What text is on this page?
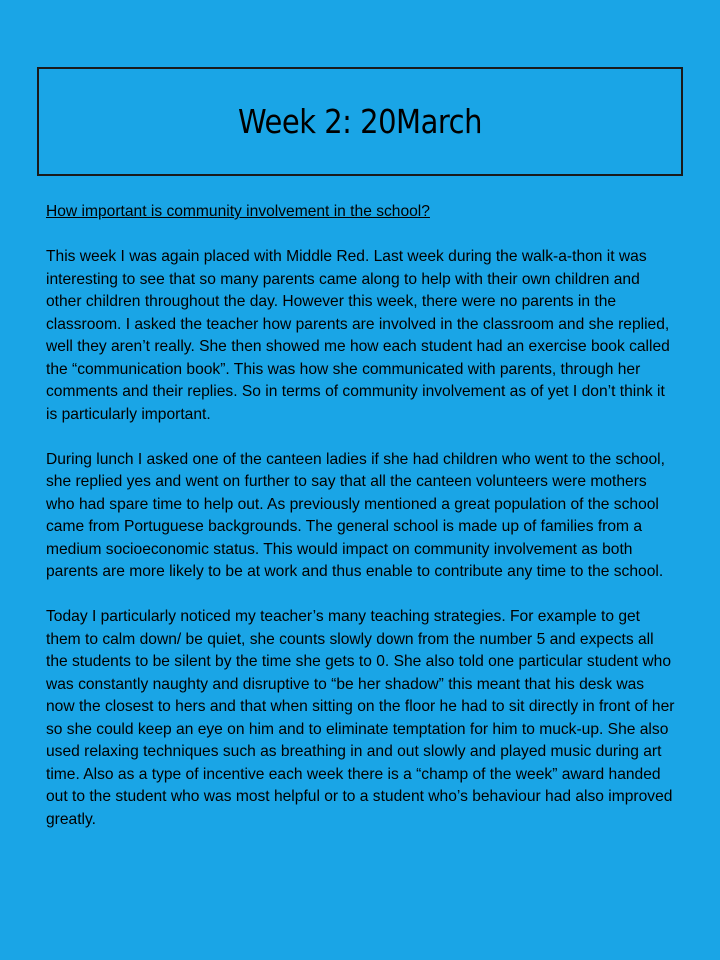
Week 2: 20March

How important is community involvement in the school?

This week I was again placed with Middle Red. Last week during the walk-a-thon it was interesting to see that so many parents came along to help with their own children and other children throughout the day. However this week, there were no parents in the classroom. I asked the teacher how parents are involved in the classroom and she replied, well they aren’t really. She then showed me how each student had an exercise book called the “communication book”. This was how she communicated with parents, through her comments and their replies. So in terms of community involvement as of yet I don’t think it is particularly important.

During lunch I asked one of the canteen ladies if she had children who went to the school, she replied yes and went on further to say that all the canteen volunteers were mothers who had spare time to help out. As previously mentioned a great population of the school came from Portuguese backgrounds. The general school is made up of families from a medium socioeconomic status. This would impact on community involvement as both parents are more likely to be at work and thus enable to contribute any time to the school.

Today I particularly noticed my teacher’s many teaching strategies. For example to get them to calm down/ be quiet, she counts slowly down from the number 5 and expects all the students to be silent by the time she gets to 0. She also told one particular student who was constantly naughty and disruptive to “be her shadow” this meant that his desk was now the closest to hers and that when sitting on the floor he had to sit directly in front of her so she could keep an eye on him and to eliminate temptation for him to muck-up. She also used relaxing techniques such as breathing in and out slowly and played music during art time. Also as a type of incentive each week there is a “champ of the week” award handed out to the student who was most helpful or to a student who’s behaviour had also improved greatly.
